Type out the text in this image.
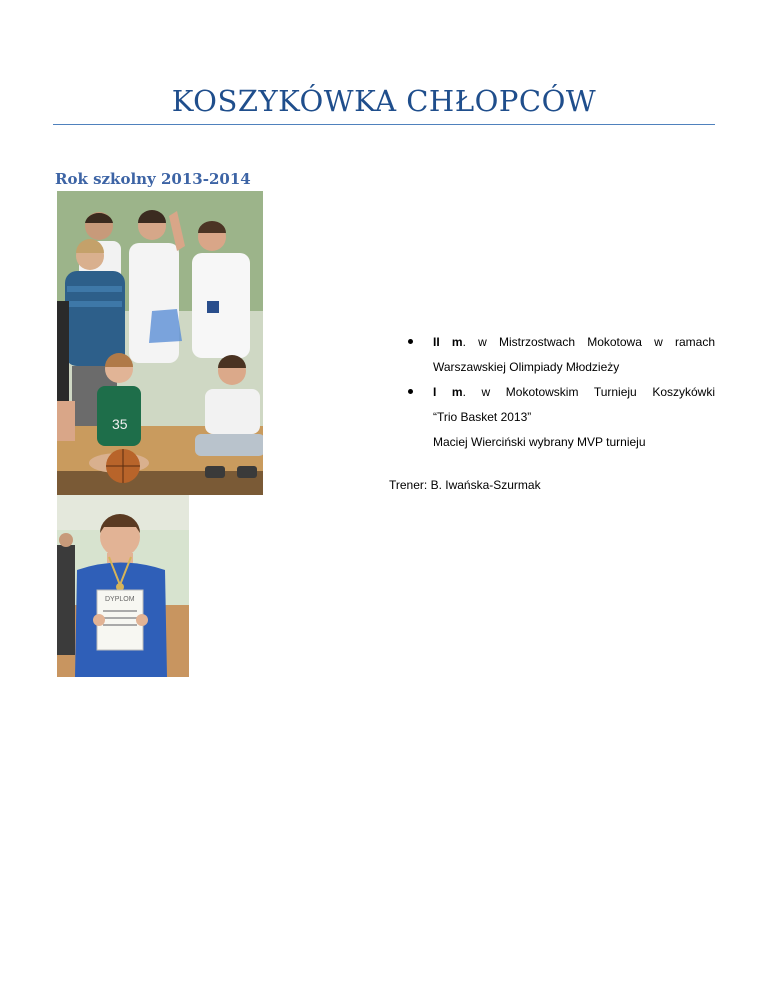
KOSZYKÓWKA CHŁOPCÓW
Rok szkolny 2013-2014
35
DYPLOM
II m. w Mistrzostwach Mokotowa w ramach
Warszawskiej Olimpiady Młodzieży
I m. w Mokotowskim Turnieju Koszykówki
“Trio Basket 2013”
Maciej Wierciński wybrany MVP turnieju
Trener: B. Iwańska-Szurmak
